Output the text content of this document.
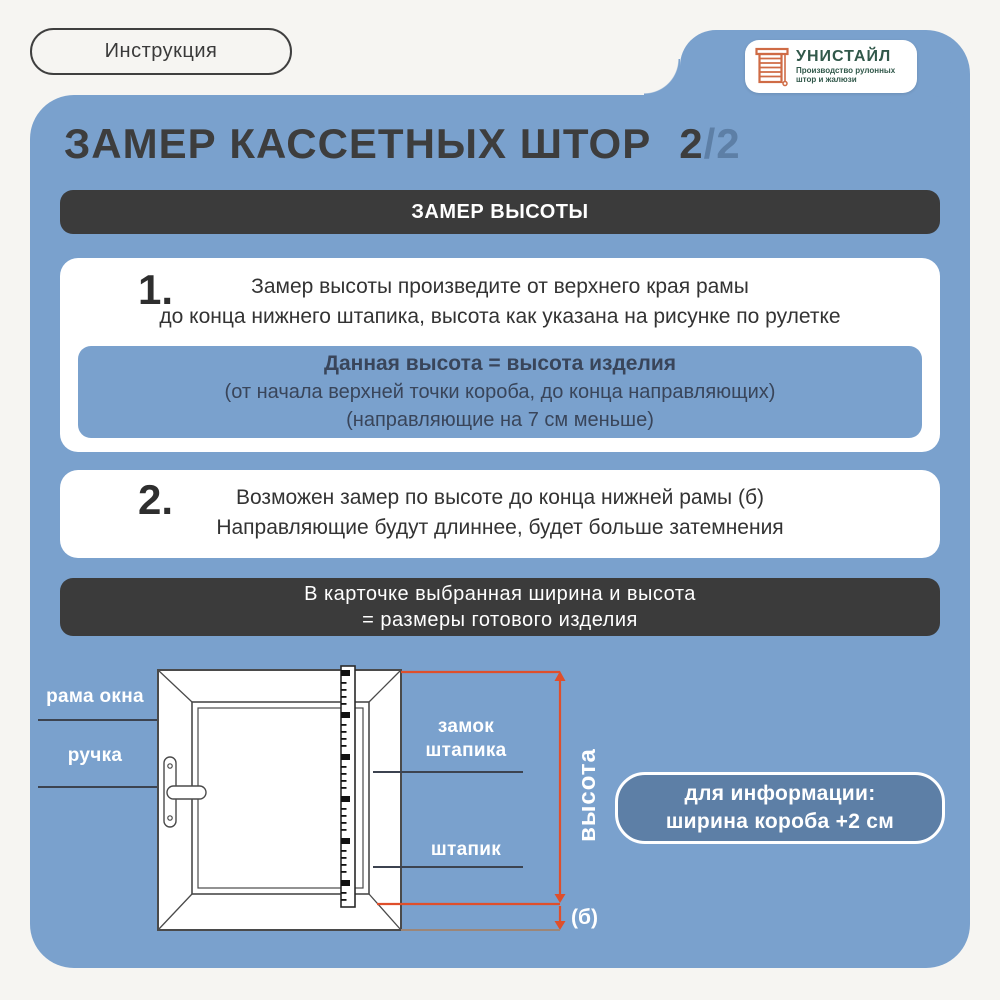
Инструкция	УНИСТАЙЛ
Производство рулонных
штор и жалюзи
ЗАМЕР КАССЕТНЫХ ШТОР 2/2
ЗАМЕР ВЫСОТЫ
1.	Замер высоты произведите от верхнего края рамы
до конца нижнего штапика, высота как указана на рисунке по рулетке
Данная высота = высота изделия
(от начала верхней точки короба, до конца направляющих)
(направляющие на 7 см меньше)
2.	Возможен замер по высоте до конца нижней рамы (б)
Направляющие будут длиннее, будет больше затемнения
В карточке выбранная ширина и высота
= размеры готового изделия
рама окна
ручка
замок
штапика
штапик
высота
(б)
для информации:
ширина короба +2 см
